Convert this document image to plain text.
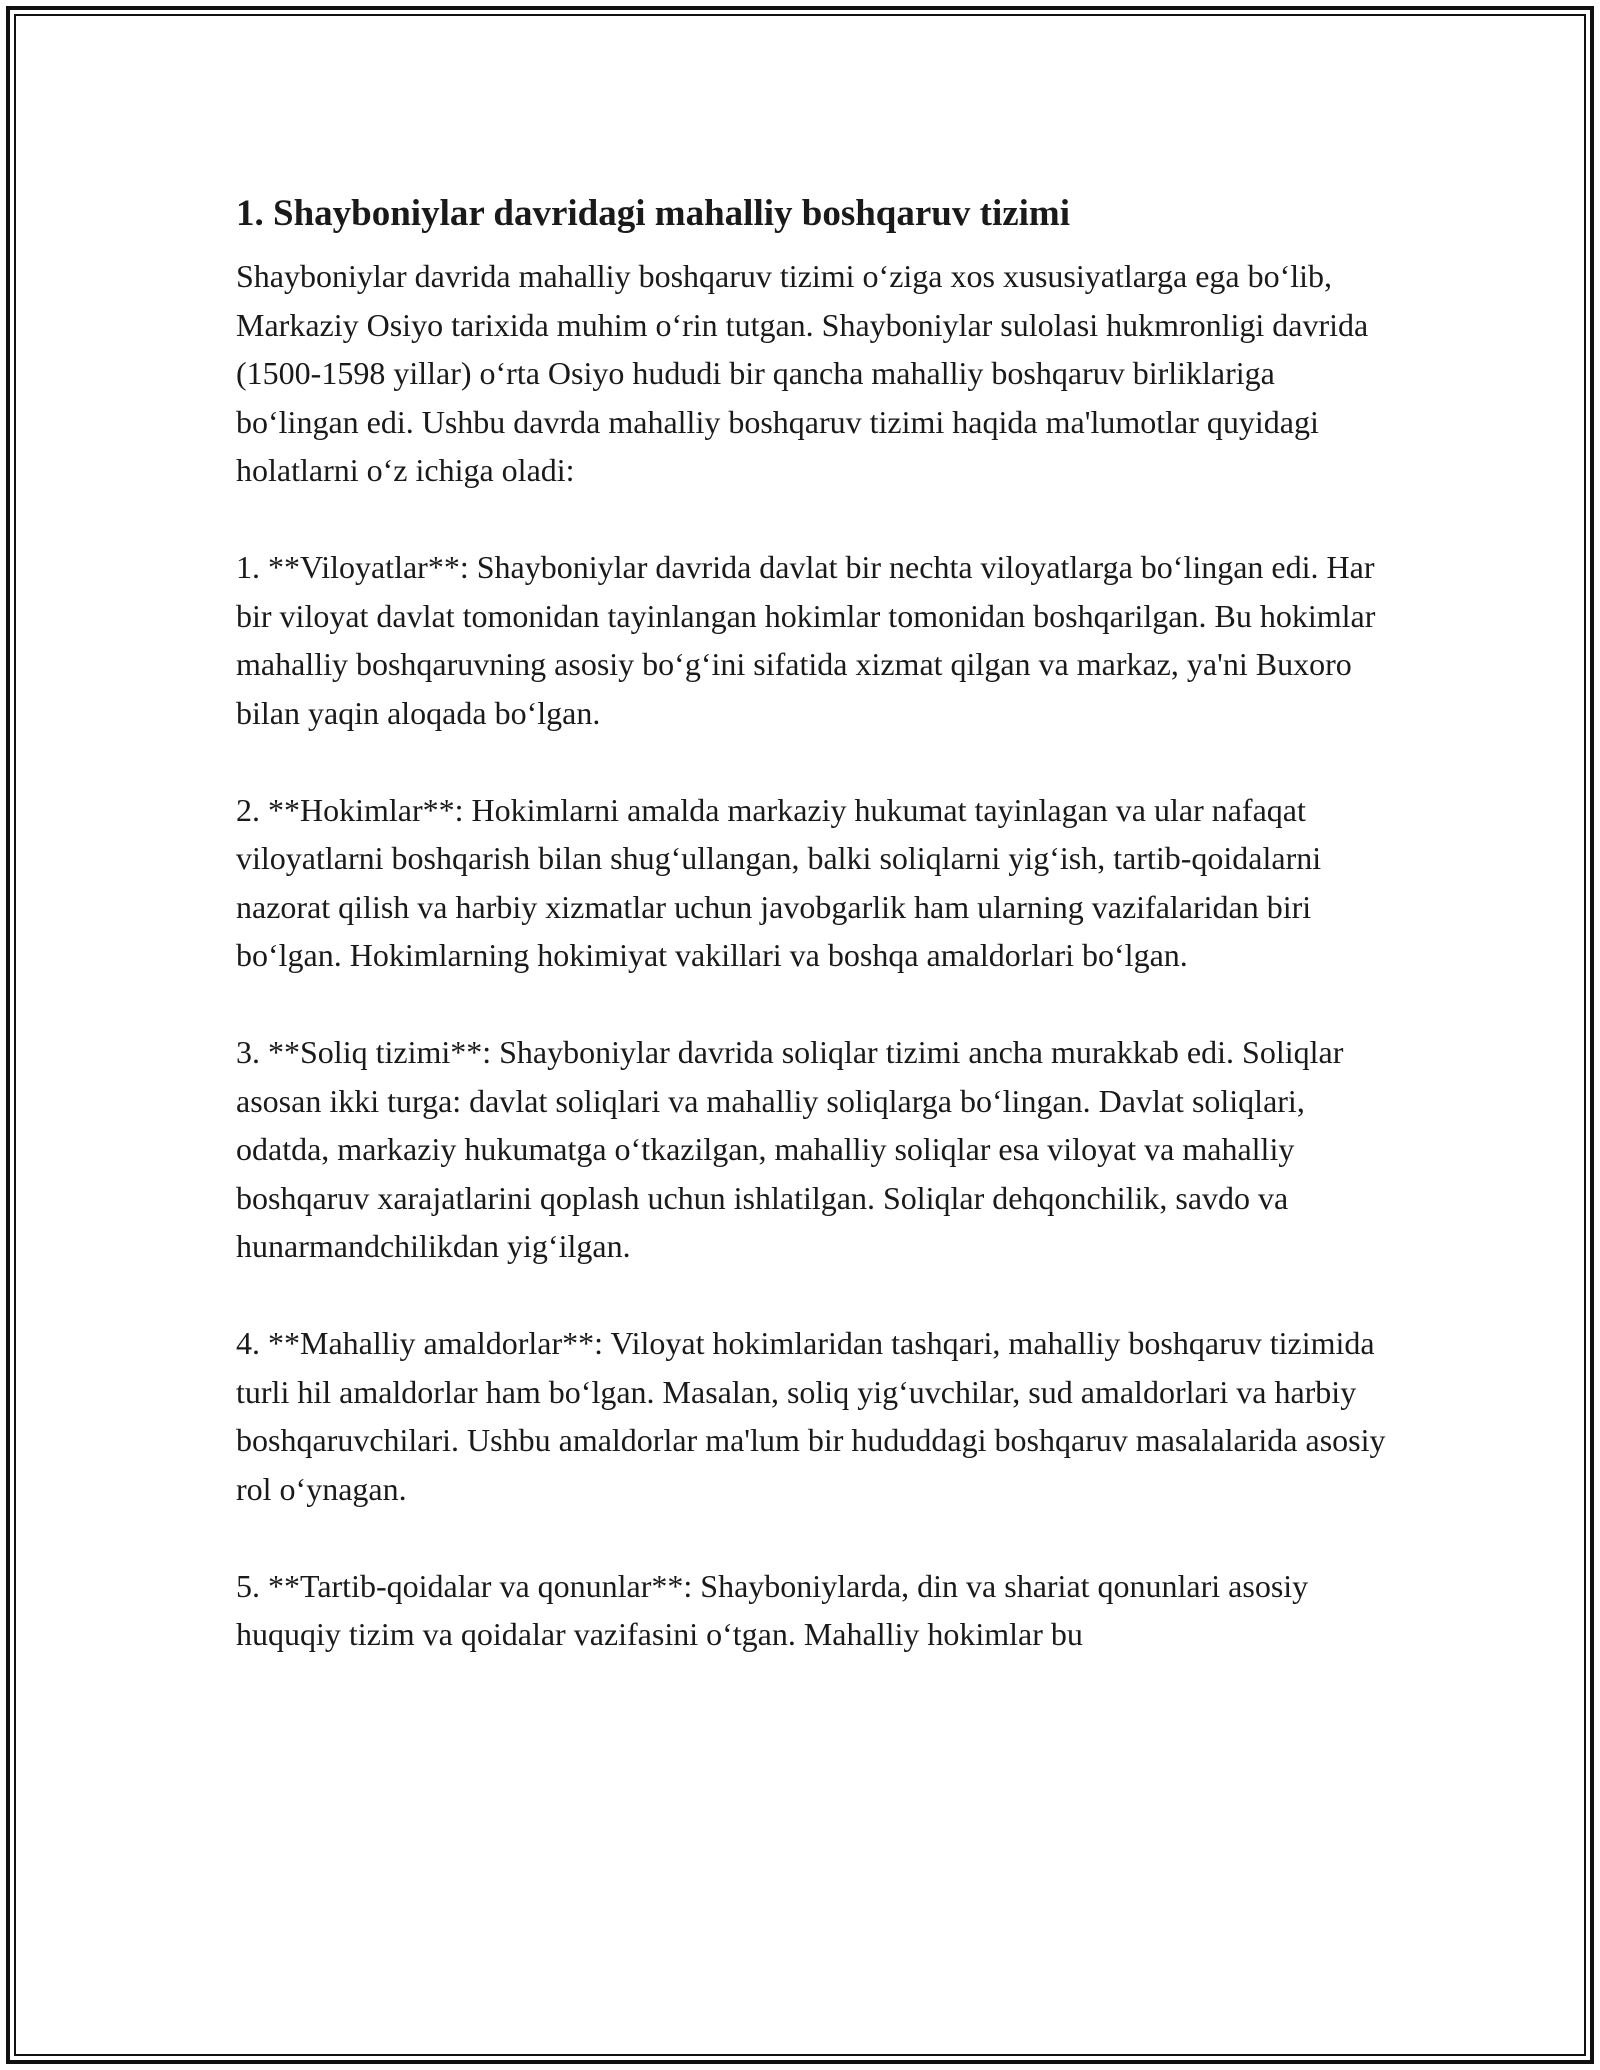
1. Shayboniylar davridagi mahalliy boshqaruv tizimi

Shayboniylar davrida mahalliy boshqaruv tizimi o‘ziga xos xususiyatlarga ega bo‘lib, Markaziy Osiyo tarixida muhim o‘rin tutgan. Shayboniylar sulolasi hukmronligi davrida (1500-1598 yillar) o‘rta Osiyo hududi bir qancha mahalliy boshqaruv birliklariga bo‘lingan edi. Ushbu davrda mahalliy boshqaruv tizimi haqida ma'lumotlar quyidagi holatlarni o‘z ichiga oladi:

1. **Viloyatlar**: Shayboniylar davrida davlat bir nechta viloyatlarga bo‘lingan edi. Har bir viloyat davlat tomonidan tayinlangan hokimlar tomonidan boshqarilgan. Bu hokimlar mahalliy boshqaruvning asosiy bo‘g‘ini sifatida xizmat qilgan va markaz, ya'ni Buxoro bilan yaqin aloqada bo‘lgan.

2. **Hokimlar**: Hokimlarni amalda markaziy hukumat tayinlagan va ular nafaqat viloyatlarni boshqarish bilan shug‘ullangan, balki soliqlarni yig‘ish, tartib-qoidalarni nazorat qilish va harbiy xizmatlar uchun javobgarlik ham ularning vazifalaridan biri bo‘lgan. Hokimlarning hokimiyat vakillari va boshqa amaldorlari bo‘lgan.

3. **Soliq tizimi**: Shayboniylar davrida soliqlar tizimi ancha murakkab edi. Soliqlar asosan ikki turga: davlat soliqlari va mahalliy soliqlarga bo‘lingan. Davlat soliqlari, odatda, markaziy hukumatga o‘tkazilgan, mahalliy soliqlar esa viloyat va mahalliy boshqaruv xarajatlarini qoplash uchun ishlatilgan. Soliqlar dehqonchilik, savdo va hunarmandchilikdan yig‘ilgan.

4. **Mahalliy amaldorlar**: Viloyat hokimlaridan tashqari, mahalliy boshqaruv tizimida turli hil amaldorlar ham bo‘lgan. Masalan, soliq yig‘uvchilar, sud amaldorlari va harbiy boshqaruvchilari. Ushbu amaldorlar ma'lum bir hududdagi boshqaruv masalalarida asosiy rol o‘ynagan.

5. **Tartib-qoidalar va qonunlar**: Shayboniylarda, din va shariat qonunlari asosiy huquqiy tizim va qoidalar vazifasini o‘tgan. Mahalliy hokimlar bu
